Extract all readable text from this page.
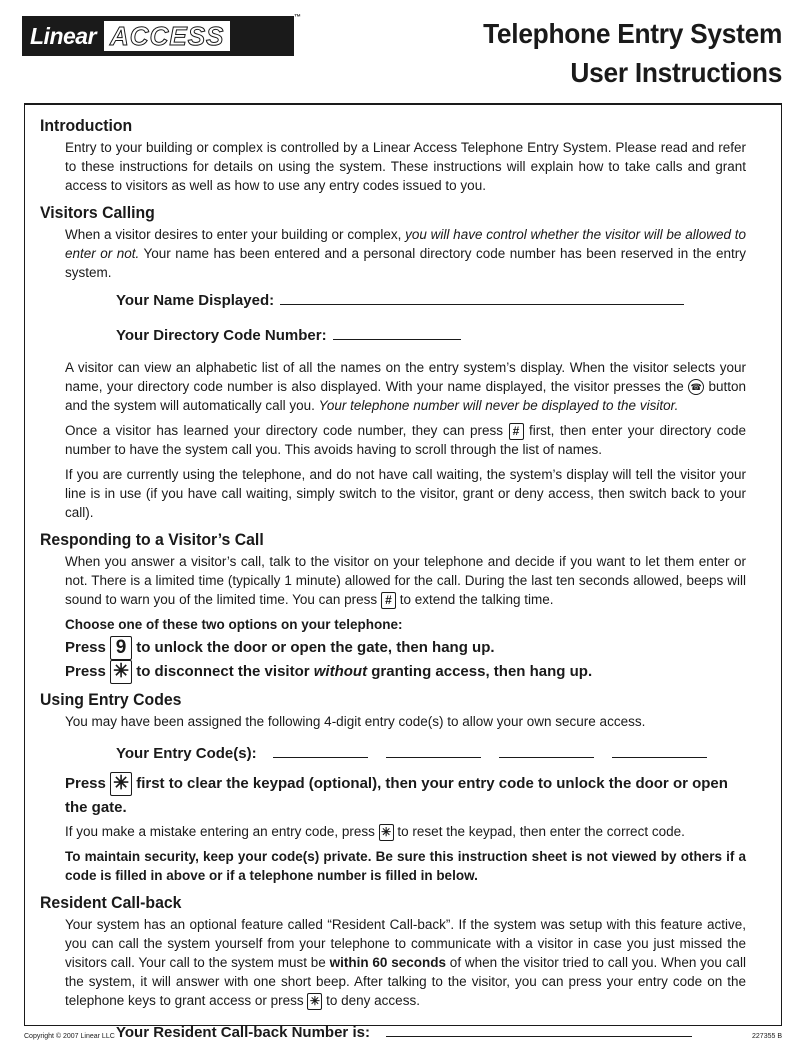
Linear ACCESS
™
Telephone Entry System
User Instructions
Introduction

Entry to your building or complex is controlled by a Linear Access Telephone Entry System. Please read and refer to these instructions for details on using the system. These instructions will explain how to take calls and grant access to visitors as well as how to use any entry codes issued to you.

Visitors Calling

When a visitor desires to enter your building or complex, you will have control whether the visitor will be allowed to enter or not. Your name has been entered and a personal directory code number has been reserved in the entry system.

Your Name Displayed:
Your Directory Code Number:

A visitor can view an alphabetic list of all the names on the entry system’s display. When the visitor selects your name, your directory code number is also displayed. With your name displayed, the visitor presses the ☎ button and the system will automatically call you. Your telephone number will never be displayed to the visitor.

Once a visitor has learned your directory code number, they can press # first, then enter your directory code number to have the system call you. This avoids having to scroll through the list of names.

If you are currently using the telephone, and do not have call waiting, the system’s display will tell the visitor your line is in use (if you have call waiting, simply switch to the visitor, grant or deny access, then switch back to your call).

Responding to a Visitor’s Call

When you answer a visitor’s call, talk to the visitor on your telephone and decide if you want to let them enter or not. There is a limited time (typically 1 minute) allowed for the call. During the last ten seconds allowed, beeps will sound to warn you of the limited time. You can press # to extend the talking time.

Choose one of these two options on your telephone:

Press 9 to unlock the door or open the gate, then hang up.
Press ✳ to disconnect the visitor without granting access, then hang up.
Using Entry Codes

You may have been assigned the following 4-digit entry code(s) to allow your own secure access.

Your Entry Code(s):
Press ✳ first to clear the keypad (optional), then your entry code to unlock the door or open the gate.

If you make a mistake entering an entry code, press ✳ to reset the keypad, then enter the correct code.

To maintain security, keep your code(s) private. Be sure this instruction sheet is not viewed by others if a code is filled in above or if a telephone number is filled in below.

Resident Call-back

Your system has an optional feature called “Resident Call-back”. If the system was setup with this feature active, you can call the system yourself from your telephone to communicate with a visitor in case you just missed the visitors call. Your call to the system must be within 60 seconds of when the visitor tried to call you. When you call the system, it will answer with one short beep. After talking to the visitor, you can press your entry code on the telephone keys to grant access or press ✳ to deny access.

Your Resident Call-back Number is:
Copyright © 2007 Linear LLC	227355 B
